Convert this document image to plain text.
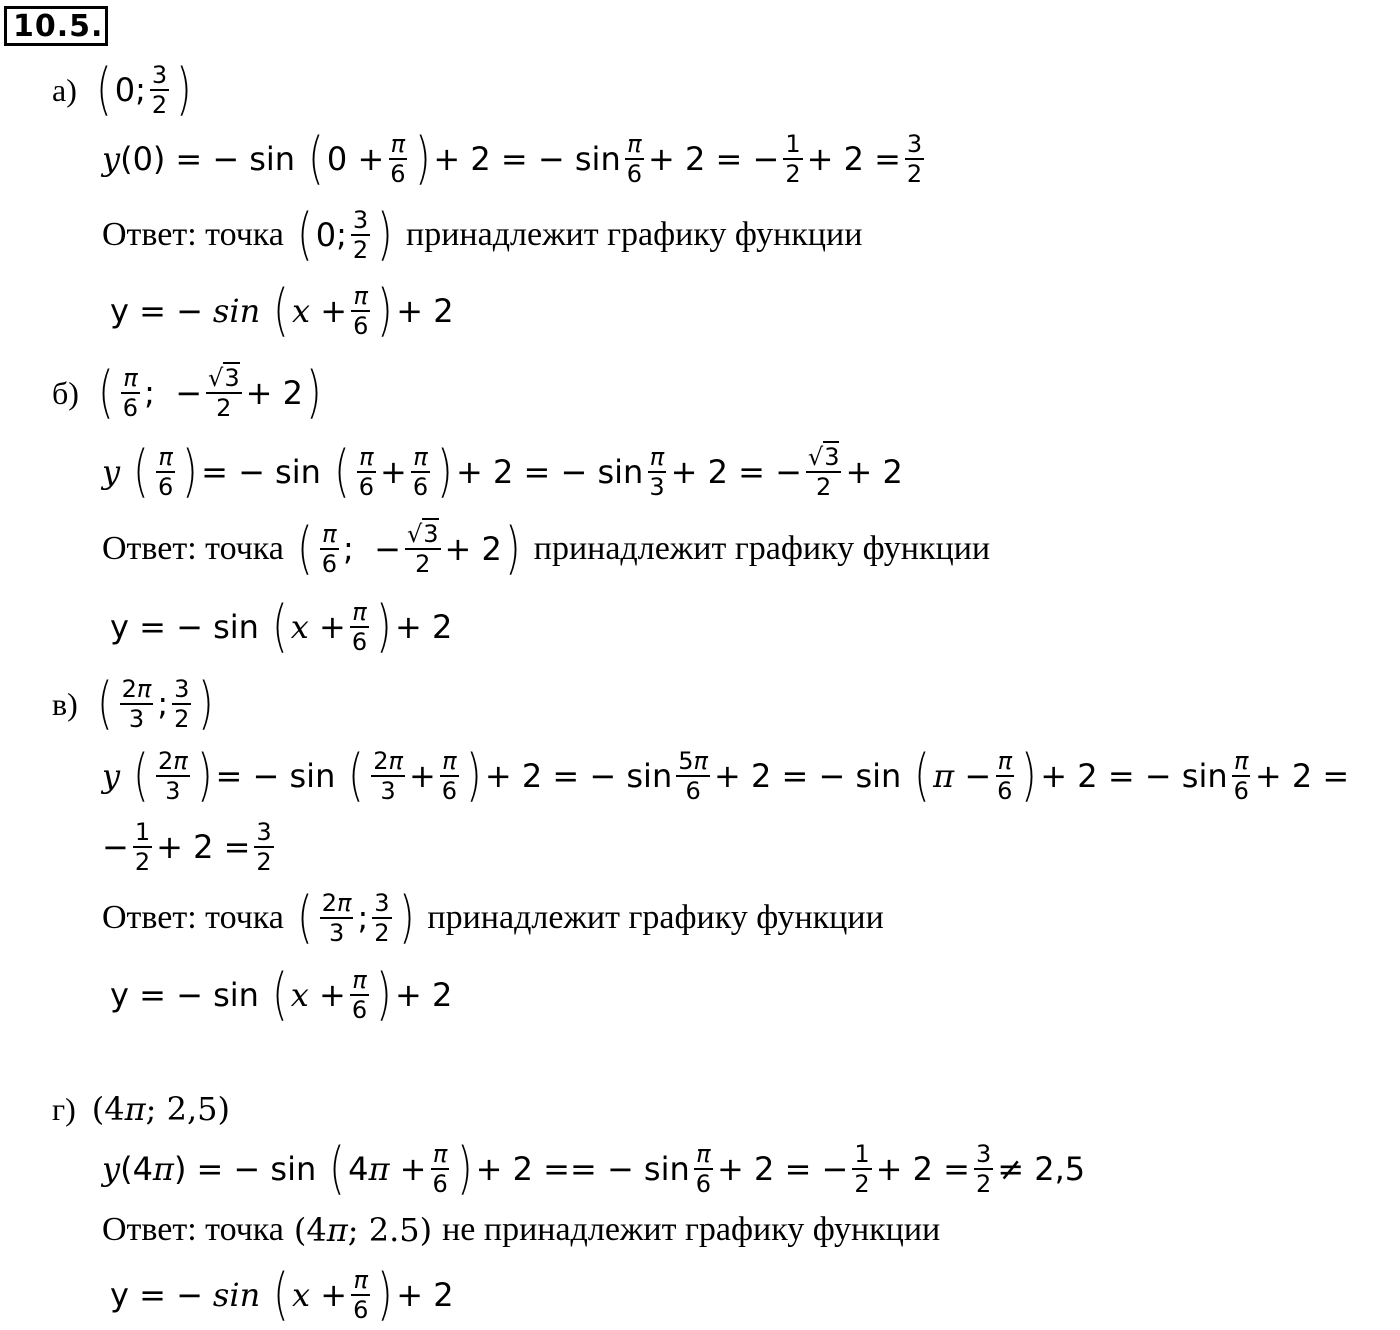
10.5.
а) ( 0; $\frac{3}{2}$ )
y (0) = − sin ( $0 + \frac{\pi}{6}$ ) + 2 = − $\sin \frac{\pi}{6} + 2$ = − $\frac{1}{2} + 2 = \frac{3}{2}$
Ответ: точка ( 0; $\frac{3}{2}$ ) принадлежит графику функции
y = − sin ( $x + \frac{\pi}{6}$ ) + 2
б) ( $\frac{\pi}{6}$ ;  − $\frac{√3}{2} + 2$ )
y ( $\frac{\pi}{6}$ ) = − sin ( $\frac{\pi}{6} + \frac{\pi}{6}$ ) + 2 = − $\sin \frac{\pi}{3} + 2$ = − $\frac{√3}{2} + 2$
Ответ: точка ( $\frac{\pi}{6}$ ;  − $\frac{√3}{2} + 2$ ) принадлежит графику функции
y = − sin ( $x + \frac{\pi}{6}$ ) + 2
в) ( $\frac{2\pi}{3}$ ; $\frac{3}{2}$ )
y ( $\frac{2\pi}{3}$ ) = − sin ( $\frac{2\pi}{3} + \frac{\pi}{6}$ ) + 2 = − $\sin \frac{5\pi}{6} + 2$ = − sin ( $\pi - \frac{\pi}{6}$ ) + 2 = − $\sin \frac{\pi}{6} + 2$ =
− $\frac{1}{2} + 2 = \frac{3}{2}$
Ответ: точка ( $\frac{2\pi}{3}$ ; $\frac{3}{2}$ ) принадлежит графику функции
y = − sin ( $x + \frac{\pi}{6}$ ) + 2
г) (4π; 2,5)
y (4 π ) = − sin ( 4 $\pi + \frac{\pi}{6}$ ) + 2 == − $\sin \frac{\pi}{6} + 2$ = − $\frac{1}{2} + 2 = \frac{3}{2} \ne 2,5$
Ответ: точка (4π; 2.5) не принадлежит графику функции
y = − sin ( $x + \frac{\pi}{6}$ ) + 2
